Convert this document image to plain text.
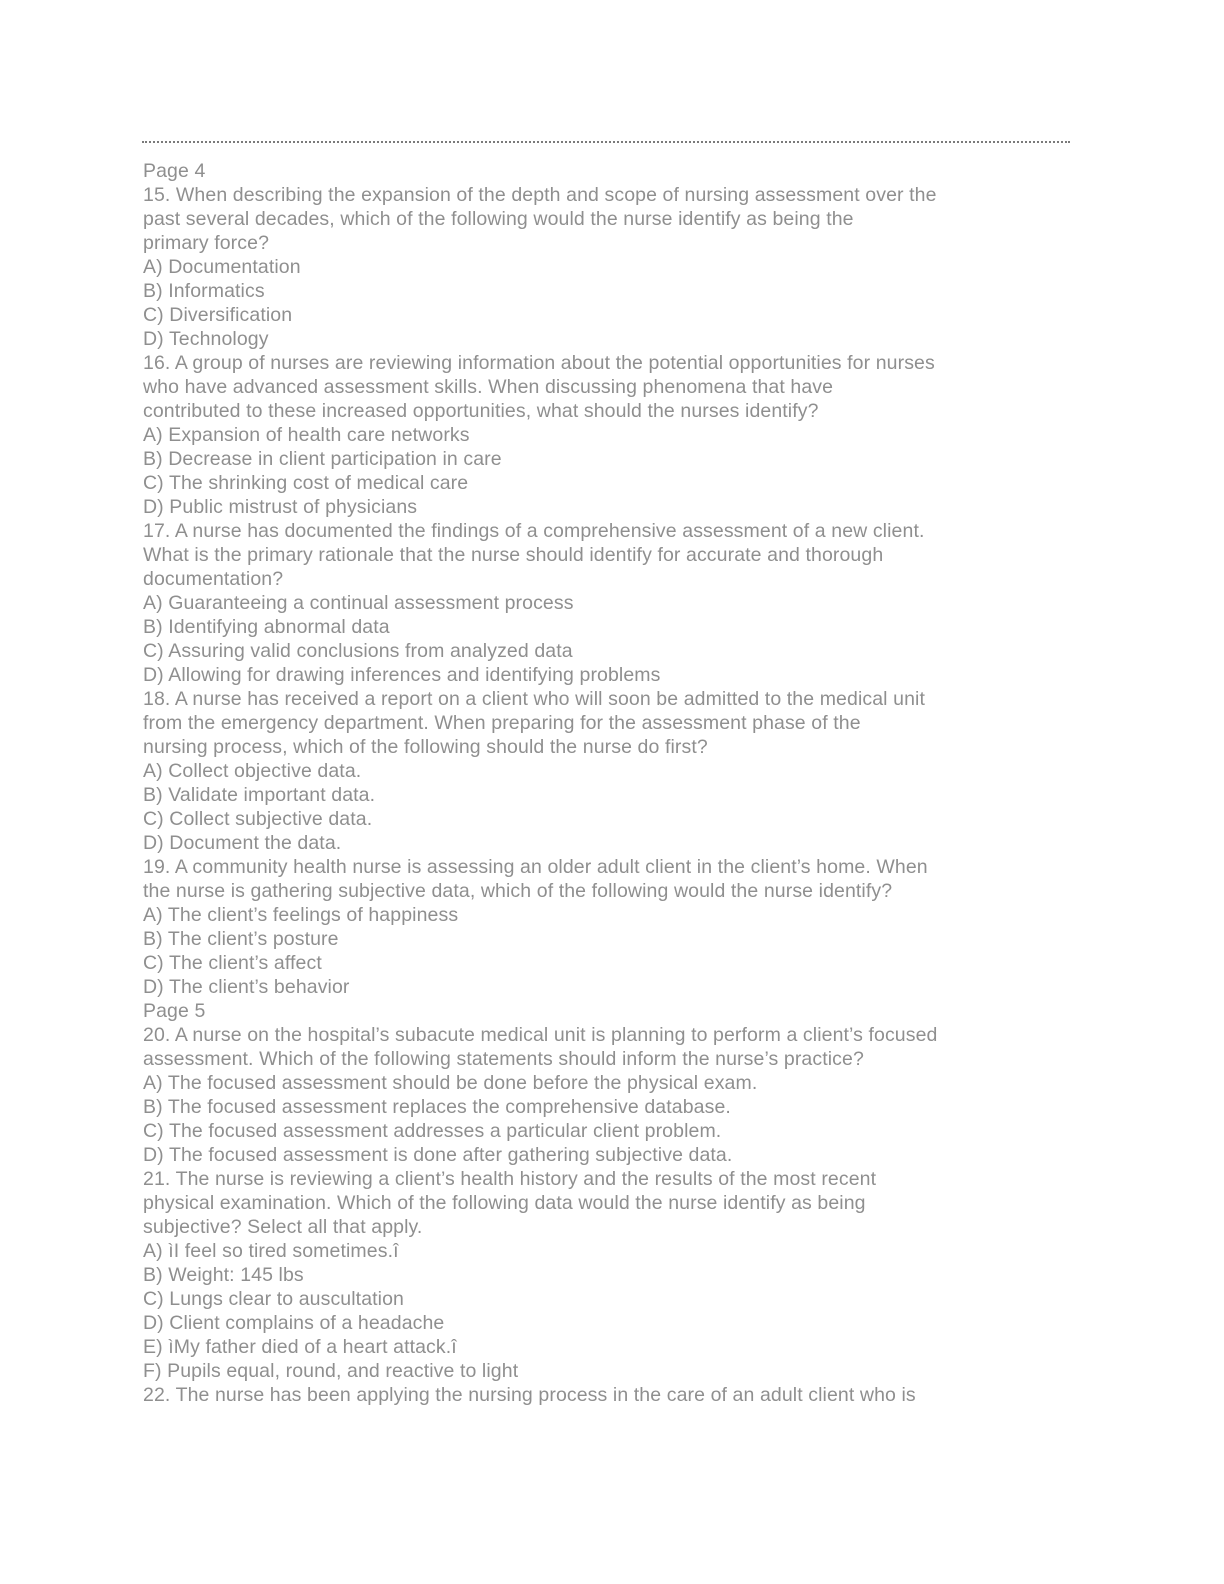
Page 4
15. When describing the expansion of the depth and scope of nursing assessment over the
past several decades, which of the following would the nurse identify as being the
primary force?
A) Documentation
B) Informatics
C) Diversification
D) Technology
16. A group of nurses are reviewing information about the potential opportunities for nurses
who have advanced assessment skills. When discussing phenomena that have
contributed to these increased opportunities, what should the nurses identify?
A) Expansion of health care networks
B) Decrease in client participation in care
C) The shrinking cost of medical care
D) Public mistrust of physicians
17. A nurse has documented the findings of a comprehensive assessment of a new client.
What is the primary rationale that the nurse should identify for accurate and thorough
documentation?
A) Guaranteeing a continual assessment process
B) Identifying abnormal data
C) Assuring valid conclusions from analyzed data
D) Allowing for drawing inferences and identifying problems
18. A nurse has received a report on a client who will soon be admitted to the medical unit
from the emergency department. When preparing for the assessment phase of the
nursing process, which of the following should the nurse do first?
A) Collect objective data.
B) Validate important data.
C) Collect subjective data.
D) Document the data.
19. A community health nurse is assessing an older adult client in the client’s home. When
the nurse is gathering subjective data, which of the following would the nurse identify?
A) The client’s feelings of happiness
B) The client’s posture
C) The client’s affect
D) The client’s behavior
Page 5
20. A nurse on the hospital’s subacute medical unit is planning to perform a client’s focused
assessment. Which of the following statements should inform the nurse’s practice?
A) The focused assessment should be done before the physical exam.
B) The focused assessment replaces the comprehensive database.
C) The focused assessment addresses a particular client problem.
D) The focused assessment is done after gathering subjective data.
21. The nurse is reviewing a client’s health history and the results of the most recent
physical examination. Which of the following data would the nurse identify as being
subjective? Select all that apply.
A) ìI feel so tired sometimes.î
B) Weight: 145 lbs
C) Lungs clear to auscultation
D) Client complains of a headache
E) ìMy father died of a heart attack.î
F) Pupils equal, round, and reactive to light
22. The nurse has been applying the nursing process in the care of an adult client who is
